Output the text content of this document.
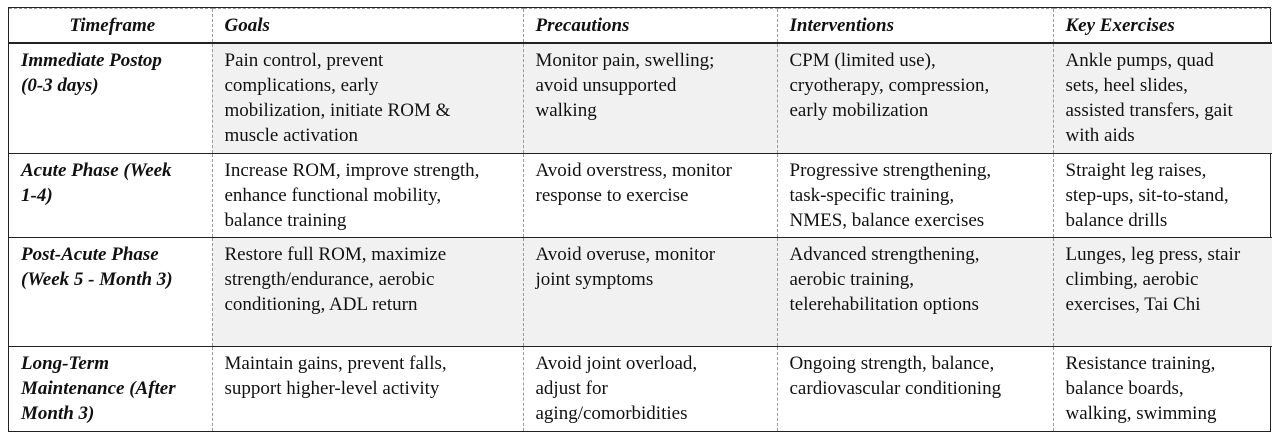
Timeframe	Goals	Precautions	Interventions	Key Exercises
Immediate Postop
(0-3 days)	Pain control, prevent
complications, early
mobilization, initiate ROM &
muscle activation	Monitor pain, swelling;
avoid unsupported
walking	CPM (limited use),
cryotherapy, compression,
early mobilization	Ankle pumps, quad
sets, heel slides,
assisted transfers, gait
with aids
Acute Phase (Week
1-4)	Increase ROM, improve strength,
enhance functional mobility,
balance training	Avoid overstress, monitor
response to exercise	Progressive strengthening,
task-specific training,
NMES, balance exercises	Straight leg raises,
step-ups, sit-to-stand,
balance drills
Post-Acute Phase
(Week 5 - Month 3)	Restore full ROM, maximize
strength/endurance, aerobic
conditioning, ADL return	Avoid overuse, monitor
joint symptoms	Advanced strengthening,
aerobic training,
telerehabilitation options	Lunges, leg press, stair
climbing, aerobic
exercises, Tai Chi
Long-Term
Maintenance (After
Month 3)	Maintain gains, prevent falls,
support higher-level activity	Avoid joint overload,
adjust for
aging/comorbidities	Ongoing strength, balance,
cardiovascular conditioning	Resistance training,
balance boards,
walking, swimming
